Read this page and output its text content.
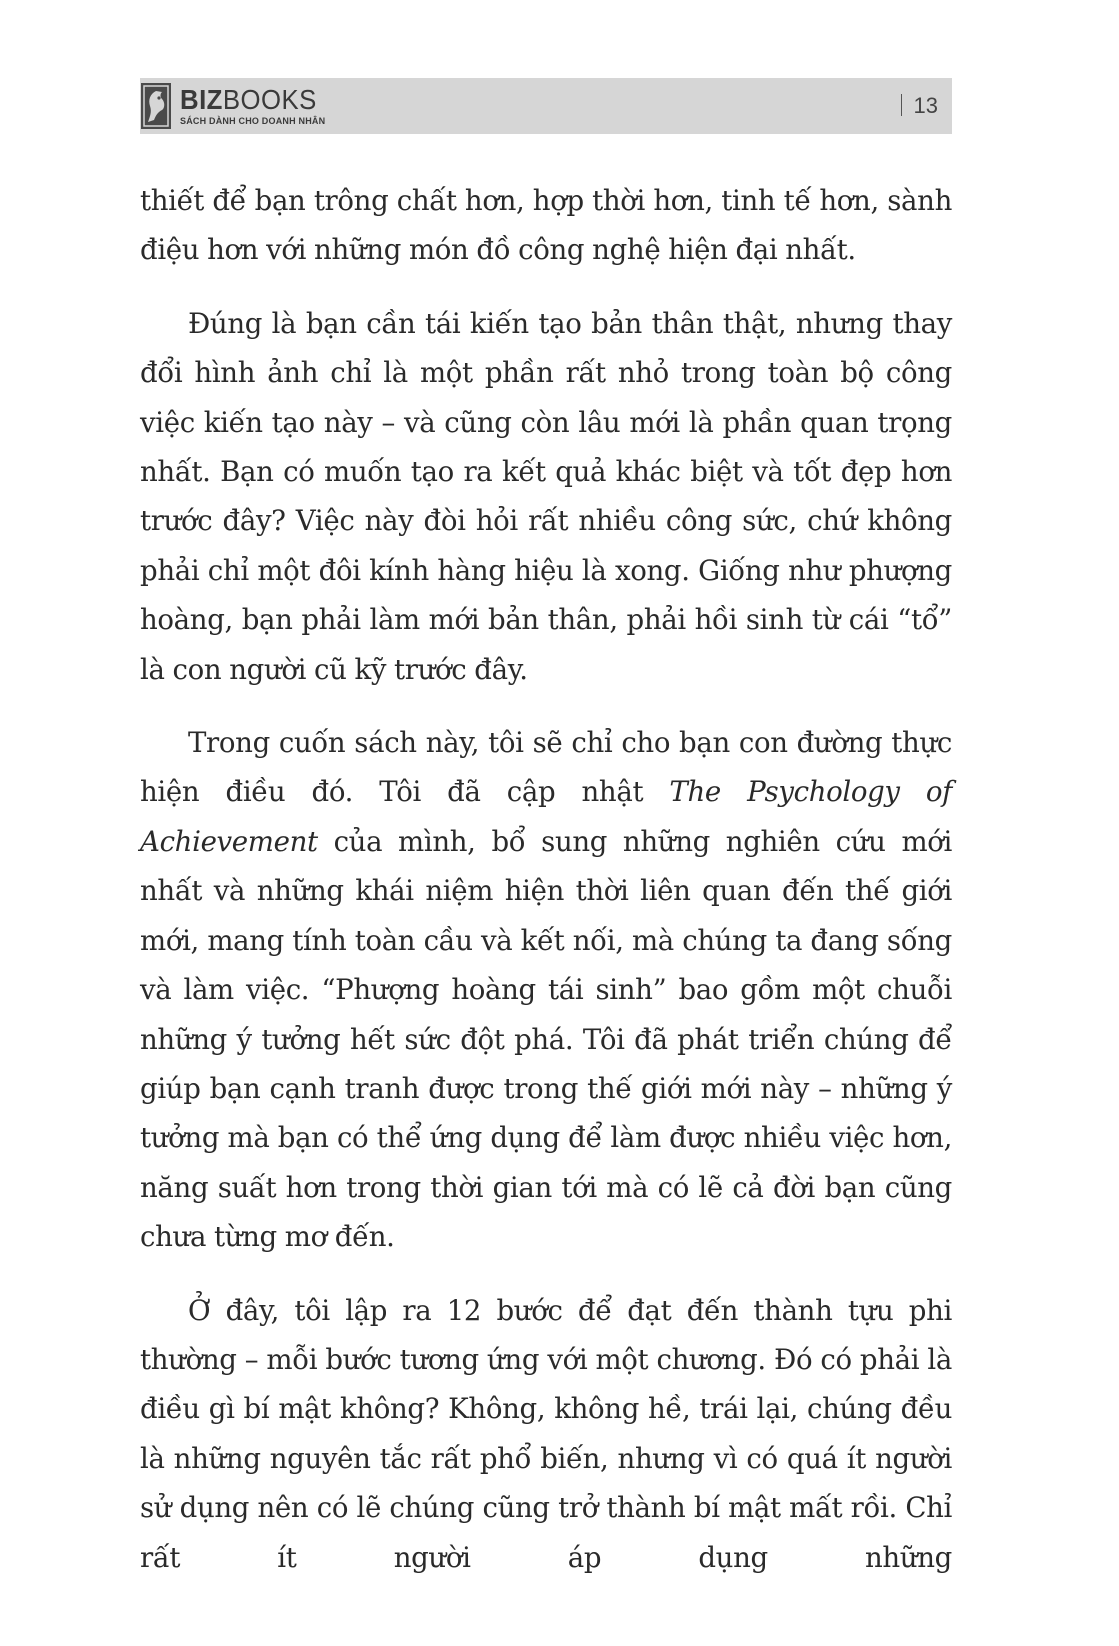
BIZBOOKS
SÁCH DÀNH CHO DOANH NHÂN
13

thiết để bạn trông chất hơn, hợp thời hơn, tinh tế hơn, sành điệu hơn với những món đồ công nghệ hiện đại nhất.

Đúng là bạn cần tái kiến tạo bản thân thật, nhưng thay đổi hình ảnh chỉ là một phần rất nhỏ trong toàn bộ công việc kiến tạo này – và cũng còn lâu mới là phần quan trọng nhất. Bạn có muốn tạo ra kết quả khác biệt và tốt đẹp hơn trước đây? Việc này đòi hỏi rất nhiều công sức, chứ không phải chỉ một đôi kính hàng hiệu là xong. Giống như phượng hoàng, bạn phải làm mới bản thân, phải hồi sinh từ cái “tổ” là con người cũ kỹ trước đây.

Trong cuốn sách này, tôi sẽ chỉ cho bạn con đường thực hiện điều đó. Tôi đã cập nhật The Psychology of Achievement của mình, bổ sung những nghiên cứu mới nhất và những khái niệm hiện thời liên quan đến thế giới mới, mang tính toàn cầu và kết nối, mà chúng ta đang sống và làm việc. “Phượng hoàng tái sinh” bao gồm một chuỗi những ý tưởng hết sức đột phá. Tôi đã phát triển chúng để giúp bạn cạnh tranh được trong thế giới mới này – những ý tưởng mà bạn có thể ứng dụng để làm được nhiều việc hơn, năng suất hơn trong thời gian tới mà có lẽ cả đời bạn cũng chưa từng mơ đến.

Ở đây, tôi lập ra 12 bước để đạt đến thành tựu phi thường – mỗi bước tương ứng với một chương. Đó có phải là điều gì bí mật không? Không, không hề, trái lại, chúng đều là những nguyên tắc rất phổ biến, nhưng vì có quá ít người sử dụng nên có lẽ chúng cũng trở thành bí mật mất rồi. Chỉ rất ít người áp dụng những
